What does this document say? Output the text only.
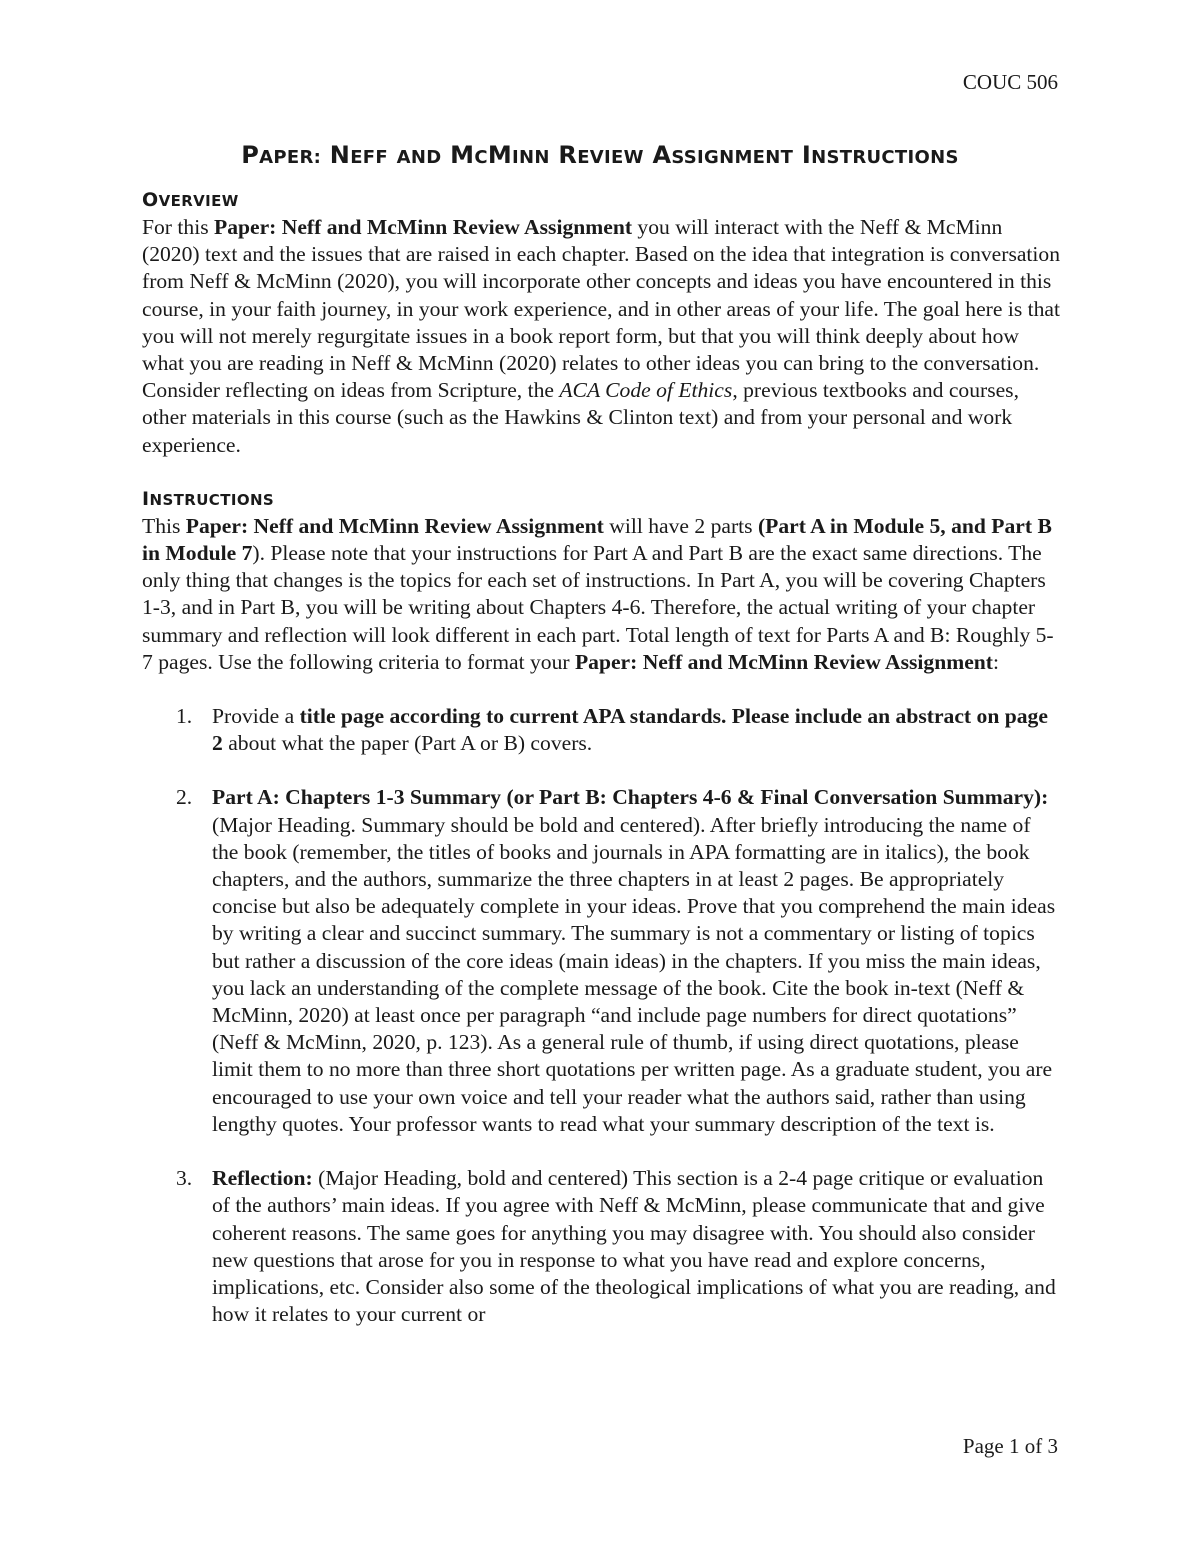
COUC 506
PAPER: NEFF AND MCMINN REVIEW ASSIGNMENT INSTRUCTIONS
OVERVIEW

For this Paper: Neff and McMinn Review Assignment you will interact with the Neff & McMinn (2020) text and the issues that are raised in each chapter. Based on the idea that integration is conversation from Neff & McMinn (2020), you will incorporate other concepts and ideas you have encountered in this course, in your faith journey, in your work experience, and in other areas of your life. The goal here is that you will not merely regurgitate issues in a book report form, but that you will think deeply about how what you are reading in Neff & McMinn (2020) relates to other ideas you can bring to the conversation. Consider reflecting on ideas from Scripture, the ACA Code of Ethics, previous textbooks and courses, other materials in this course (such as the Hawkins & Clinton text) and from your personal and work experience.

INSTRUCTIONS

This Paper: Neff and McMinn Review Assignment will have 2 parts (Part A in Module 5, and Part B in Module 7). Please note that your instructions for Part A and Part B are the exact same directions. The only thing that changes is the topics for each set of instructions. In Part A, you will be covering Chapters 1-3, and in Part B, you will be writing about Chapters 4-6. Therefore, the actual writing of your chapter summary and reflection will look different in each part. Total length of text for Parts A and B: Roughly 5-7 pages. Use the following criteria to format your Paper: Neff and McMinn Review Assignment:

1. Provide a title page according to current APA standards. Please include an abstract on page 2 about what the paper (Part A or B) covers.
2. Part A: Chapters 1-3 Summary (or Part B: Chapters 4-6 & Final Conversation Summary): (Major Heading. Summary should be bold and centered). After briefly introducing the name of the book (remember, the titles of books and journals in APA formatting are in italics), the book chapters, and the authors, summarize the three chapters in at least 2 pages. Be appropriately concise but also be adequately complete in your ideas. Prove that you comprehend the main ideas by writing a clear and succinct summary. The summary is not a commentary or listing of topics but rather a discussion of the core ideas (main ideas) in the chapters. If you miss the main ideas, you lack an understanding of the complete message of the book. Cite the book in-text (Neff & McMinn, 2020) at least once per paragraph “and include page numbers for direct quotations” (Neff & McMinn, 2020, p. 123). As a general rule of thumb, if using direct quotations, please limit them to no more than three short quotations per written page. As a graduate student, you are encouraged to use your own voice and tell your reader what the authors said, rather than using lengthy quotes. Your professor wants to read what your summary description of the text is.
3. Reflection: (Major Heading, bold and centered) This section is a 2-4 page critique or evaluation of the authors’ main ideas. If you agree with Neff & McMinn, please communicate that and give coherent reasons. The same goes for anything you may disagree with. You should also consider new questions that arose for you in response to what you have read and explore concerns, implications, etc. Consider also some of the theological implications of what you are reading, and how it relates to your current or
Page 1 of 3
